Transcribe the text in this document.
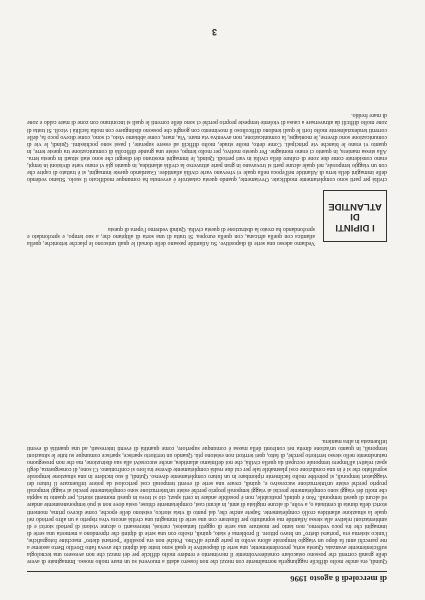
di mercoledì 8 agosto 1996

Quindi, era anche molto difficile raggiungerla normalmente con mezzi che non fossero adatti a muoversi su un mare molto mosso. Immaginate di avere delle grandi correnti che possono ostacolare considerevolmente il movimento e rendere molto difficile per dei mezzi che non avessero una tecnologia sufficientemente avanzata. Questa sorta, precedentemente, una serie di diapositive le quali sono tratte dai dipinti che aveva fatto Dovilio Berto assieme a me parecchi anni fa dopo un viaggio temporale allora svolto in parte grazie all'Ono. Poiché non era possibile "portarsi dietro" macchine fotografiche, l'unico sistema era "portarsi dietro" un bravo pittore. Il problema è stato, quindi, risolto con una serie di dipinti che riprendono a memoria una serie di immagini che tra poco vedremo, non tanto per mostrare una serie di oggetti fantasiosi, curiosi, interessanti o alcune visioni di periodi storici e di ambientazioni relative alla stessa Atlantide ma soprattutto per illustrare con una serie di immagini una civiltà ancora viva rispetto a un altro periodo nel quale la situazione atlantidea crollò completamente. Sapete anche che, dal punto di vista storico, esistono delle epoche, come dicevo prima, momenti storici della durata di centinaia o, a volte, di alcune migliaia di anni, in alcuni casi, completamente chiuse, ossia dove non si può temporaneamente andare ed alcuni di questi temporali. Non è quindi, praticabile, non è possibile andare in certi spazi, ciò si trova in questi momenti storici, per quanto tu sappia che molti dei viaggi sono completamente precisi ai viaggi temporali proprio perché esiste un'interruzione sono completamente precisi ai viaggi temporali proprio perché esiste un'interruzione successivo e, quindi, creare una serie di eventi temporali così pericolosi da potere influenzare il futuro dei viaggiatori temporali, si potrebbe molto facilmente ripiombare in un futuro completamente diverso. Quindi, il suo incidere in una situazione temporale sopraffatto che si è in una condizione così plasmabile tale per cui due realtà completamente diverse tra loro si confrontano. Ci sono, di conseguenza, degli spazi relativi all'impero temporale occupati da quella civiltà, che noi definiamo atlantidea, anche successivi alla sua distruzione, ma che non proseguono naturalmente nello stesso territorio perché, di fatto, quei territori non esistono più. Quando un territorio sparisce, sparisce comunque su tutte le situazioni temporali, in quanto un'azione diretta nei confronti della massa è comunque superiore, come quantità di eventi interessati, ad una quantità di eventi influenzata in altra maniera.

I DIPINTI
DI
ATLANTIDE

Vediamo adesso una serie di diapositive. Su Atlantide passano delle dorsali le quali uniscono le placche tettoniche, quella atlantica con quella africana, con quella europea. Si tratta di una sorta di altipiano che, a suo tempo, e sprofondato e sprofondando ha creato la distruzione di questa civiltà. Quindi vedremo l'opera di questa

civiltà per parti sono completamente modificate. Ovviamente, quando questa catastrofe è avvenuta ha comunque modificato il suolo. Stiamo vedendo delle immagini della terra di Atlantide nell'epoca nella quale vi vivevano varie civiltà atlantidee. Guardando queste immagini, si è trattato di capire che con un viaggio temporale, nel quale alcune parti si trovavano in gran parte attraverso la civiltà atlantidea, in quanto già vi erano varie divisioni in tempi, erano considerate come due zone di culture della civiltà in vari periodi. Quindi, le immagini mostrano dei disegni che sono stati situati in questa terra. Alla stessa maniera, in quanto ci erano montagne. Per questo motivo, per molto tempo, esiste una grande difficoltà di comunicazione tra queste terre, in quanto vi erano le bianche vie principali. Come detto, molte strade, molto difficili ad essere superate, i passi sono pochissimi. Quindi, le vie di comunicazione sono diverse, le montagne, la comunicazione, non avveniva via mare. Via, mare, come abbiamo visto, ci sono, come dicevo poco fa, delle correnti tendenzialmente molto forti le quali tendono difficoltoso il movimento con gonghi che possono distinguere con molta facilità i vicoli. Si tratta di zone molto difficili da attraversare a causa di violente tempeste proprio perché ci sono delle correnti le quali si incontrano con zone di mare caldo e zone di mare freddo.

3
